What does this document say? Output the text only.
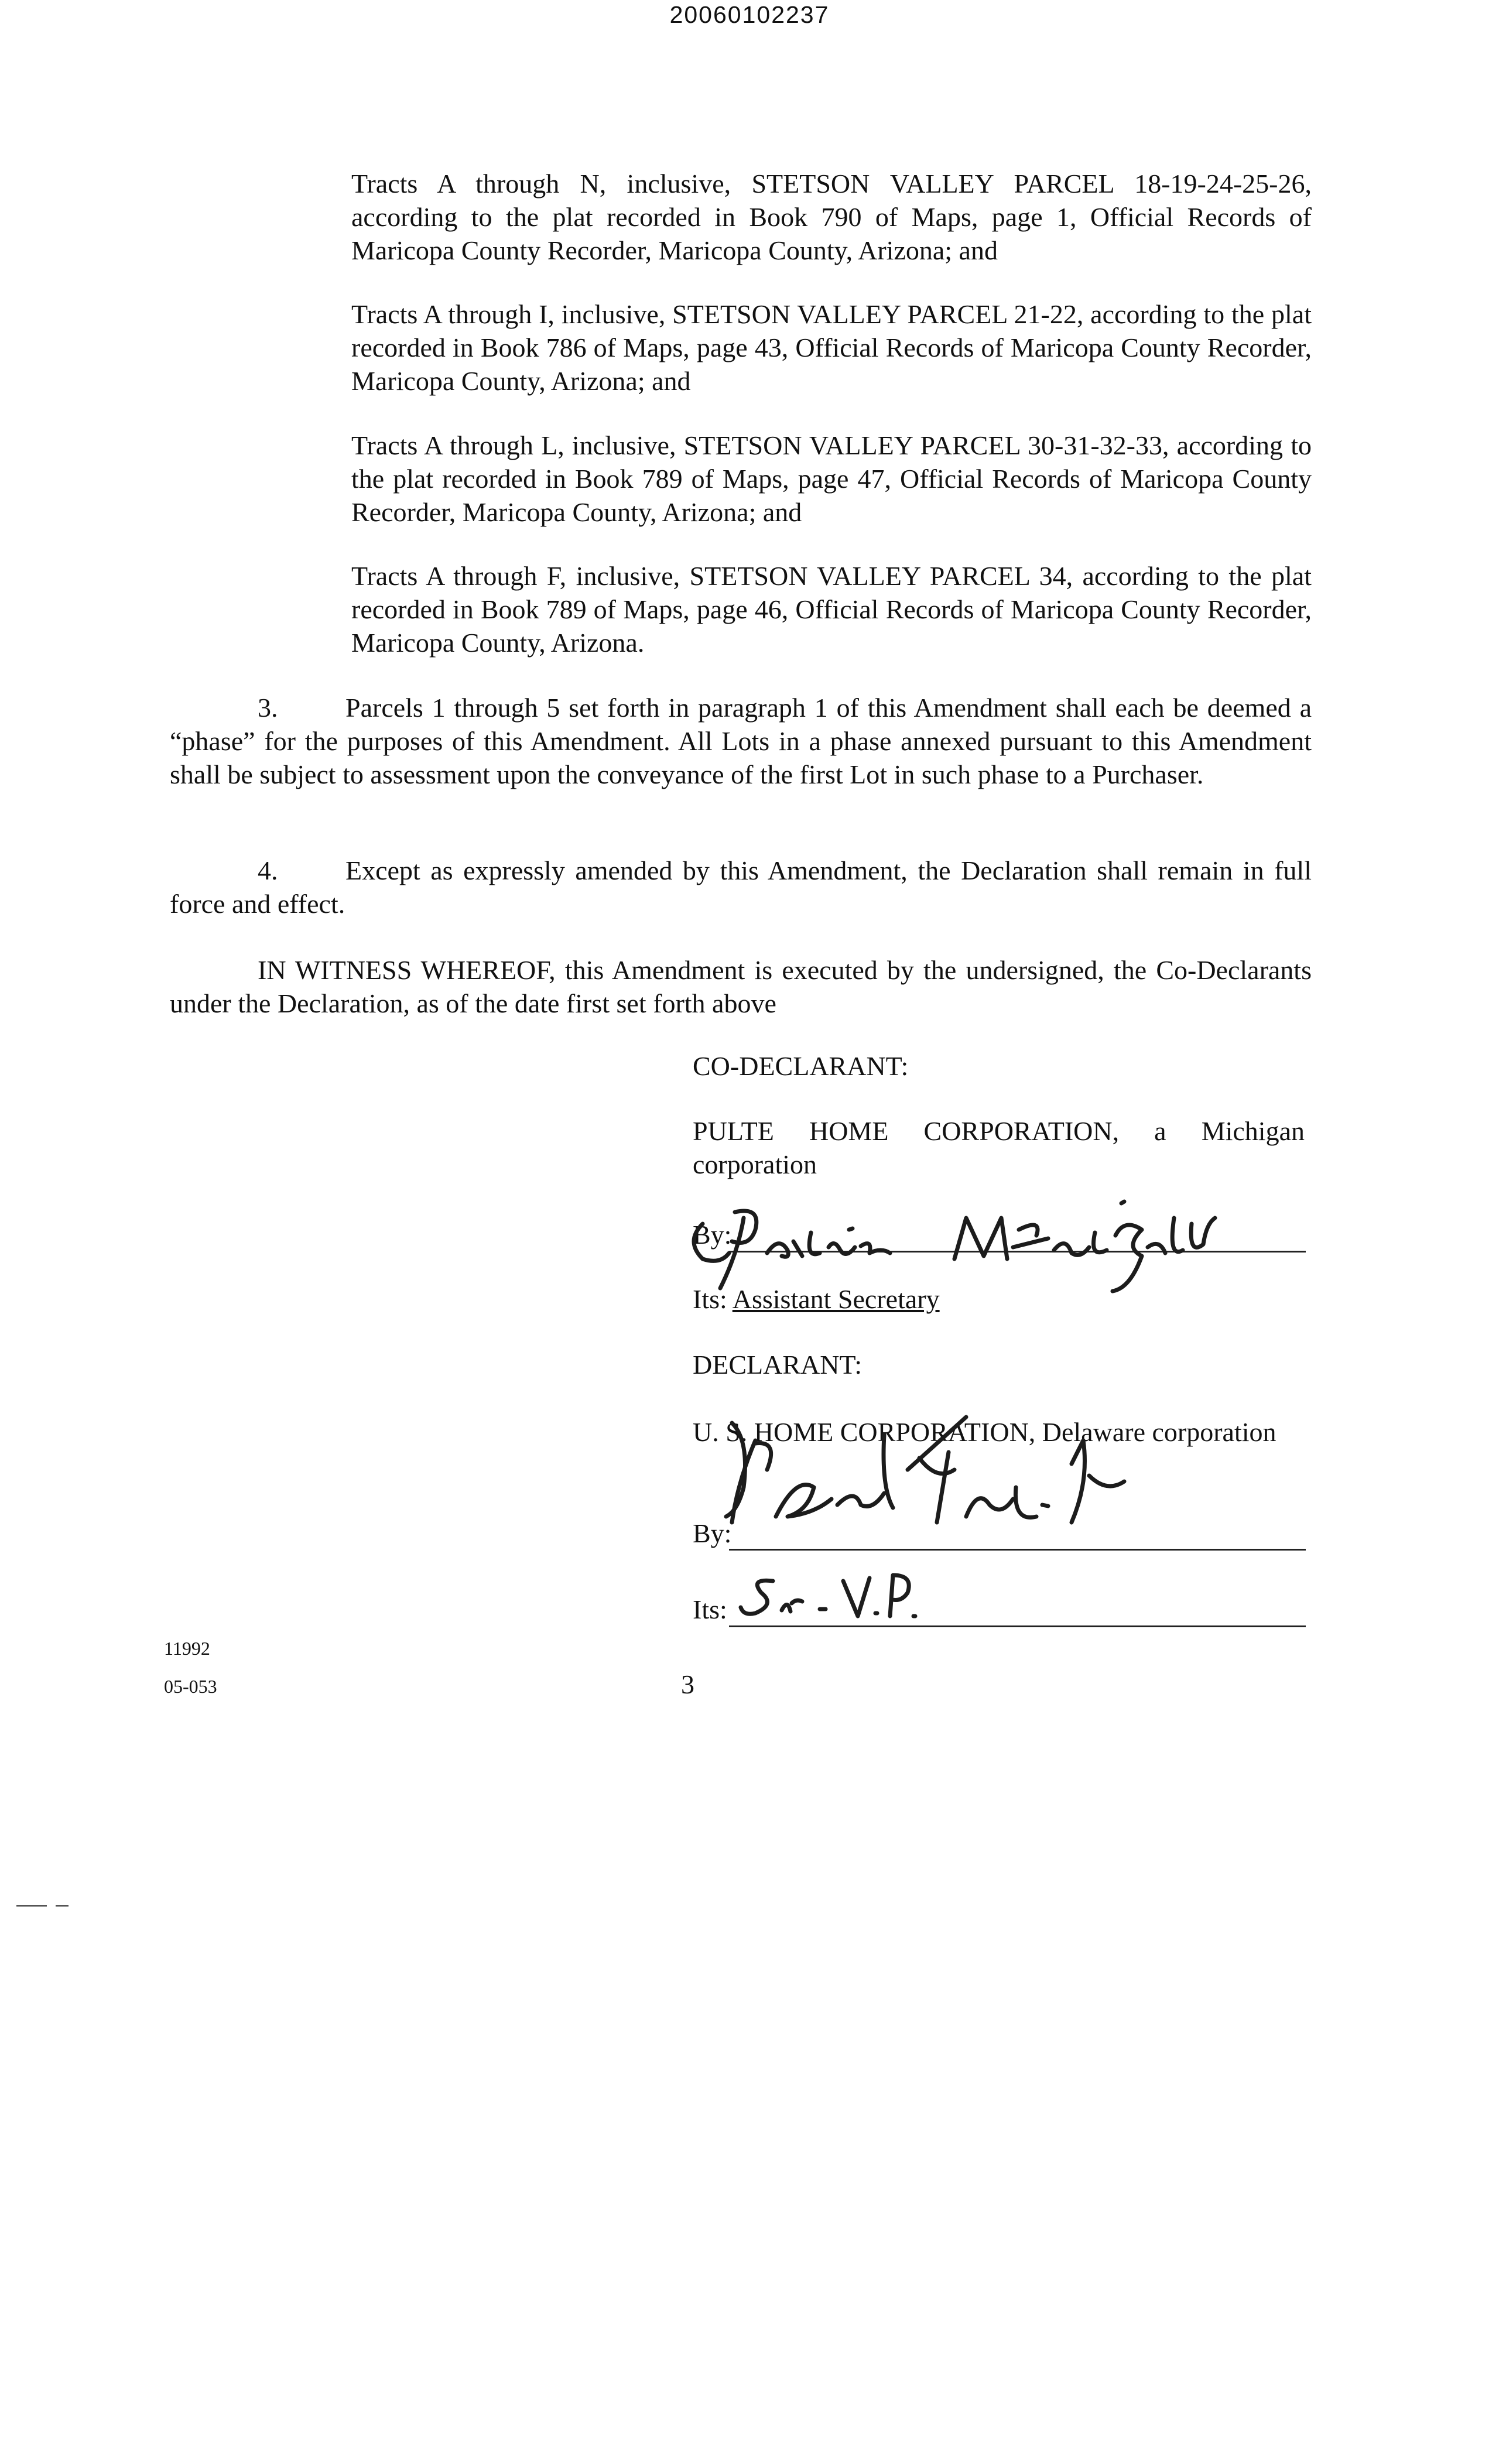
20060102237
Tracts A through N, inclusive, STETSON VALLEY PARCEL 18-19-24-25-26, according to the plat recorded in Book 790 of Maps, page 1, Official Records of Maricopa County Recorder, Maricopa County, Arizona; and
Tracts A through I, inclusive, STETSON VALLEY PARCEL 21-22, according to the plat recorded in Book 786 of Maps, page 43, Official Records of Maricopa County Recorder, Maricopa County, Arizona; and
Tracts A through L, inclusive, STETSON VALLEY PARCEL 30-31-32-33, according to the plat recorded in Book 789 of Maps, page 47, Official Records of Maricopa County Recorder, Maricopa County, Arizona; and
Tracts A through F, inclusive, STETSON VALLEY PARCEL 34, according to the plat recorded in Book 789 of Maps, page 46, Official Records of Maricopa County Recorder, Maricopa County, Arizona.
3.	Parcels 1 through 5 set forth in paragraph 1 of this Amendment shall each be deemed a “phase” for the purposes of this Amendment. All Lots in a phase annexed pursuant to this Amendment shall be subject to assessment upon the conveyance of the first Lot in such phase to a Purchaser.
4.	Except as expressly amended by this Amendment, the Declaration shall remain in full force and effect.
IN WITNESS WHEREOF, this Amendment is executed by the undersigned, the Co-Declarants under the Declaration, as of the date first set forth above
CO-DECLARANT:
PULTE HOME CORPORATION, a Michigan corporation
By:
Its: Assistant Secretary
DECLARANT:
U. S. HOME CORPORATION, Delaware corporation
By:
Its:
11992
05-053	3
